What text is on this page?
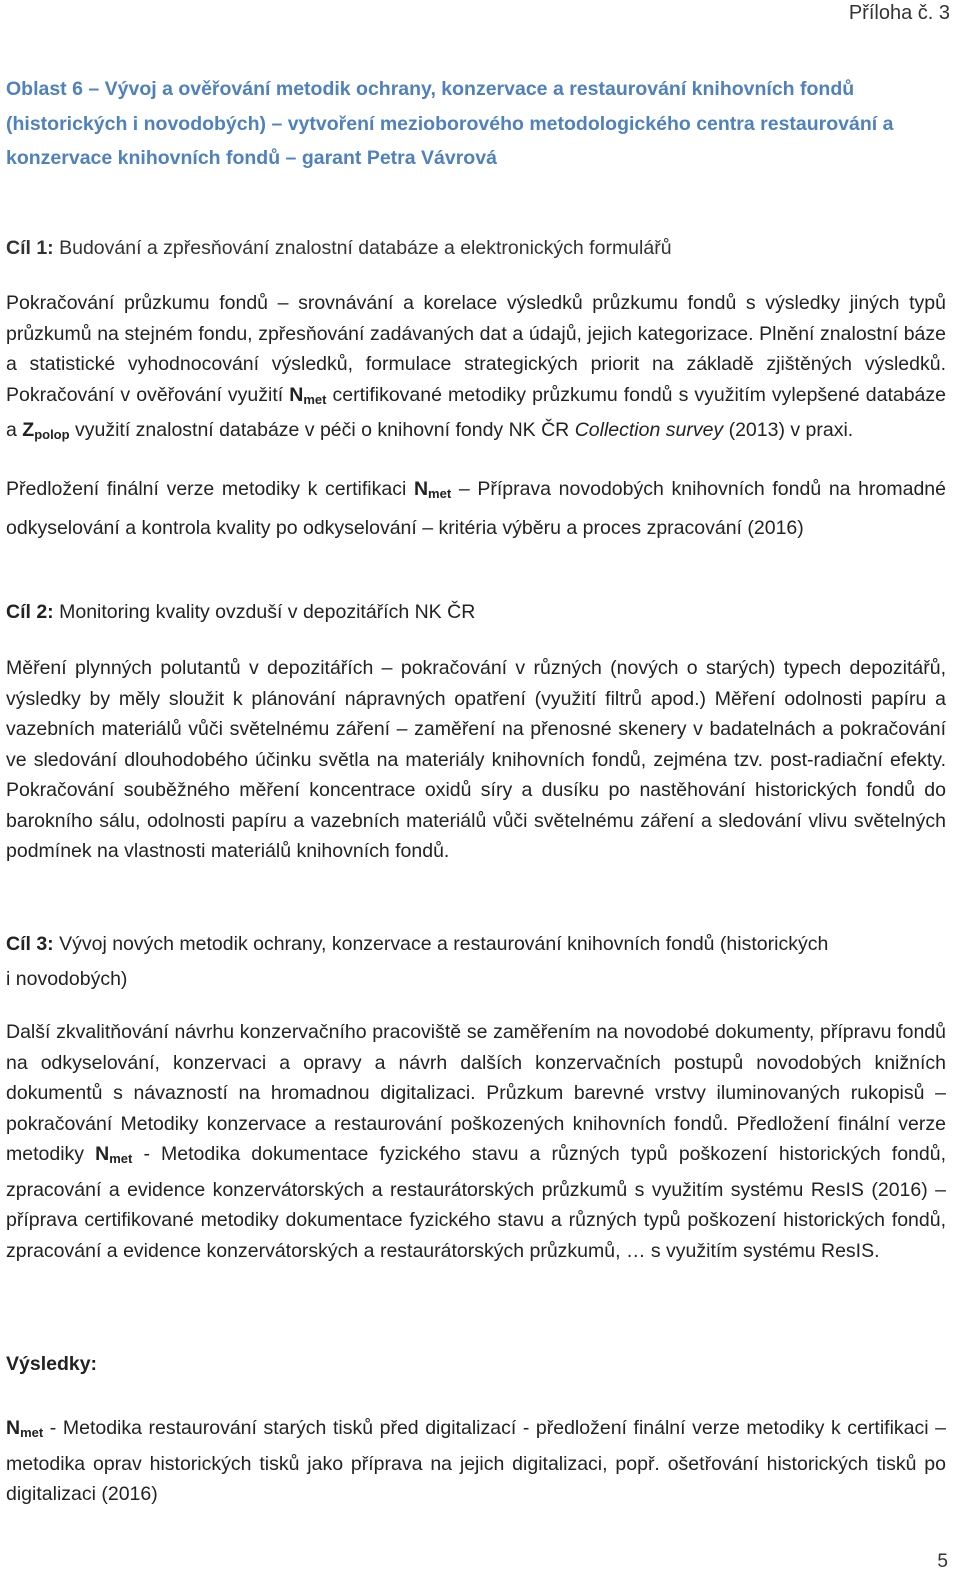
Příloha č. 3
Oblast 6 – Vývoj a ověřování metodik ochrany, konzervace a restaurování knihovních fondů (historických i novodobých) – vytvoření mezioborového metodologického centra restaurování a konzervace knihovních fondů – garant Petra Vávrová
Cíl 1: Budování a zpřesňování znalostní databáze a elektronických formulářů
Pokračování průzkumu fondů – srovnávání a korelace výsledků průzkumu fondů s výsledky jiných typů průzkumů na stejném fondu, zpřesňování zadávaných dat a údajů, jejich kategorizace. Plnění znalostní báze a statistické vyhodnocování výsledků, formulace strategických priorit na základě zjištěných výsledků. Pokračování v ověřování využití $N_{met}$ certifikované metodiky průzkumu fondů s využitím vylepšené databáze a $Z_{polop}$ využití znalostní databáze v péči o knihovní fondy NK ČR Collection survey (2013) v praxi.
Předložení finální verze metodiky k certifikaci $N_{met}$ – Příprava novodobých knihovních fondů na hromadné odkyselování a kontrola kvality po odkyselování – kritéria výběru a proces zpracování (2016)
Cíl 2: Monitoring kvality ovzduší v depozitářích NK ČR
Měření plynných polutantů v depozitářích – pokračování v různých (nových o starých) typech depozitářů, výsledky by měly sloužit k plánování nápravných opatření (využití filtrů apod.) Měření odolnosti papíru a vazebních materiálů vůči světelnému záření – zaměření na přenosné skenery v badatelnách a pokračování ve sledování dlouhodobého účinku světla na materiály knihovních fondů, zejména tzv. post-radiační efekty. Pokračování souběžného měření koncentrace oxidů síry a dusíku po nastěhování historických fondů do barokního sálu, odolnosti papíru a vazebních materiálů vůči světelnému záření a sledování vlivu světelných podmínek na vlastnosti materiálů knihovních fondů.
Cíl 3: Vývoj nových metodik ochrany, konzervace a restaurování knihovních fondů (historických i novodobých)
Další zkvalitňování návrhu konzervačního pracoviště se zaměřením na novodobé dokumenty, přípravu fondů na odkyselování, konzervaci a opravy a návrh dalších konzervačních postupů novodobých knižních dokumentů s návazností na hromadnou digitalizaci. Průzkum barevné vrstvy iluminovaných rukopisů – pokračování Metodiky konzervace a restaurování poškozených knihovních fondů. Předložení finální verze metodiky $N_{met}$ - Metodika dokumentace fyzického stavu a různých typů poškození historických fondů, zpracování a evidence konzervátorských a restaurátorských průzkumů s využitím systému ResIS (2016) – příprava certifikované metodiky dokumentace fyzického stavu a různých typů poškození historických fondů, zpracování a evidence konzervátorských a restaurátorských průzkumů, … s využitím systému ResIS.
Výsledky:
$N_{met}$ - Metodika restaurování starých tisků před digitalizací - předložení finální verze metodiky k certifikaci – metodika oprav historických tisků jako příprava na jejich digitalizaci, popř. ošetřování historických tisků po digitalizaci (2016)
5
